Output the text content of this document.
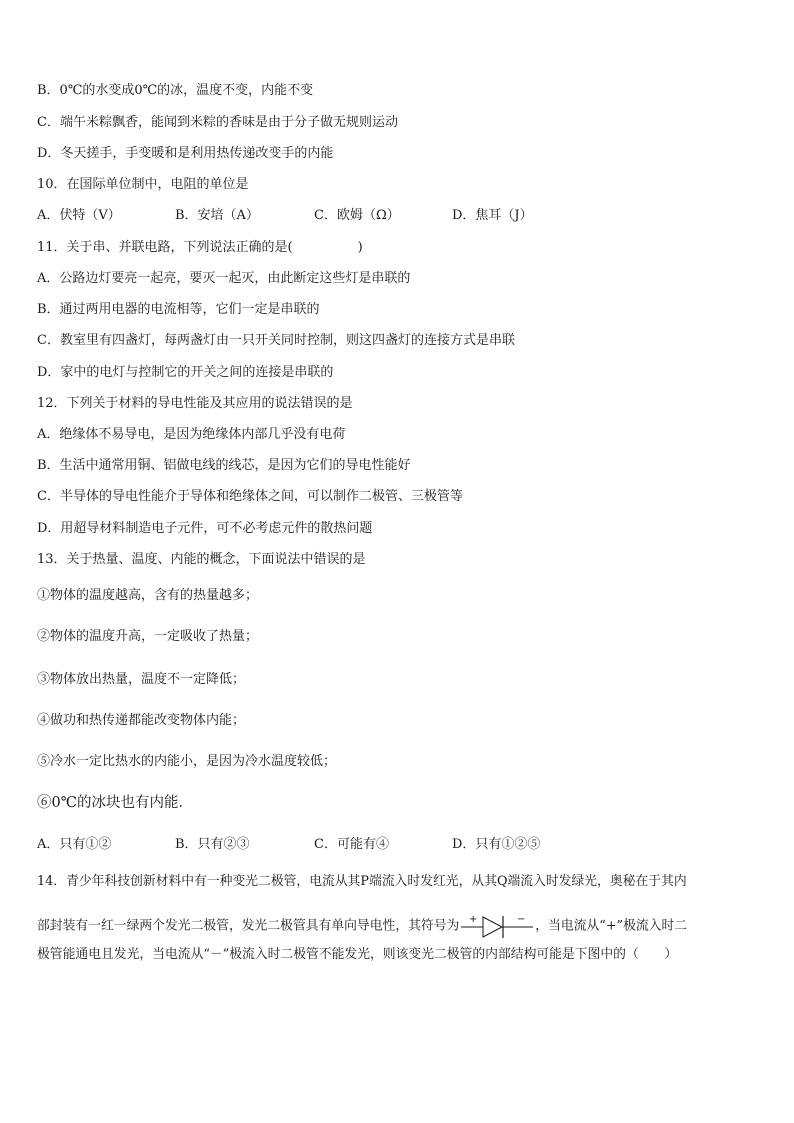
B．0℃的水变成0℃的冰，温度不变，内能不变
C．端午米粽飘香，能闻到米粽的香味是由于分子做无规则运动
D．冬天搓手，手变暖和是利用热传递改变手的内能
10．在国际单位制中，电阻的单位是
A．伏特（V）	B．安培（A）	C．欧姆（Ω）	D．焦耳（J）
11．关于串、并联电路，下列说法正确的是(　　　　　)
A．公路边灯要亮一起亮，要灭一起灭，由此断定这些灯是串联的
B．通过两用电器的电流相等，它们一定是串联的
C．教室里有四盏灯，每两盏灯由一只开关同时控制，则这四盏灯的连接方式是串联
D．家中的电灯与控制它的开关之间的连接是串联的
12．下列关于材料的导电性能及其应用的说法错误的是
A．绝缘体不易导电，是因为绝缘体内部几乎没有电荷
B．生活中通常用铜、铝做电线的线芯，是因为它们的导电性能好
C．半导体的导电性能介于导体和绝缘体之间，可以制作二极管、三极管等
D．用超导材料制造电子元件，可不必考虑元件的散热问题
13．关于热量、温度、内能的概念，下面说法中错误的是
①物体的温度越高，含有的热量越多；
②物体的温度升高，一定吸收了热量；
③物体放出热量，温度不一定降低；
④做功和热传递都能改变物体内能；
⑤冷水一定比热水的内能小，是因为冷水温度较低；
⑥0℃的冰块也有内能．
A．只有①②	B．只有②③	C．可能有④	D．只有①②⑤
14．青少年科技创新材料中有一种变光二极管，电流从其P端流入时发红光，从其Q端流入时发绿光，奥秘在于其内
部封装有一红一绿两个发光二极管，发光二极管具有单向导电性，其符号为 +	− ，当电流从“+”极流入时二
极管能通电且发光，当电流从“－”极流入时二极管不能发光，则该变光二极管的内部结构可能是下图中的（　　）
